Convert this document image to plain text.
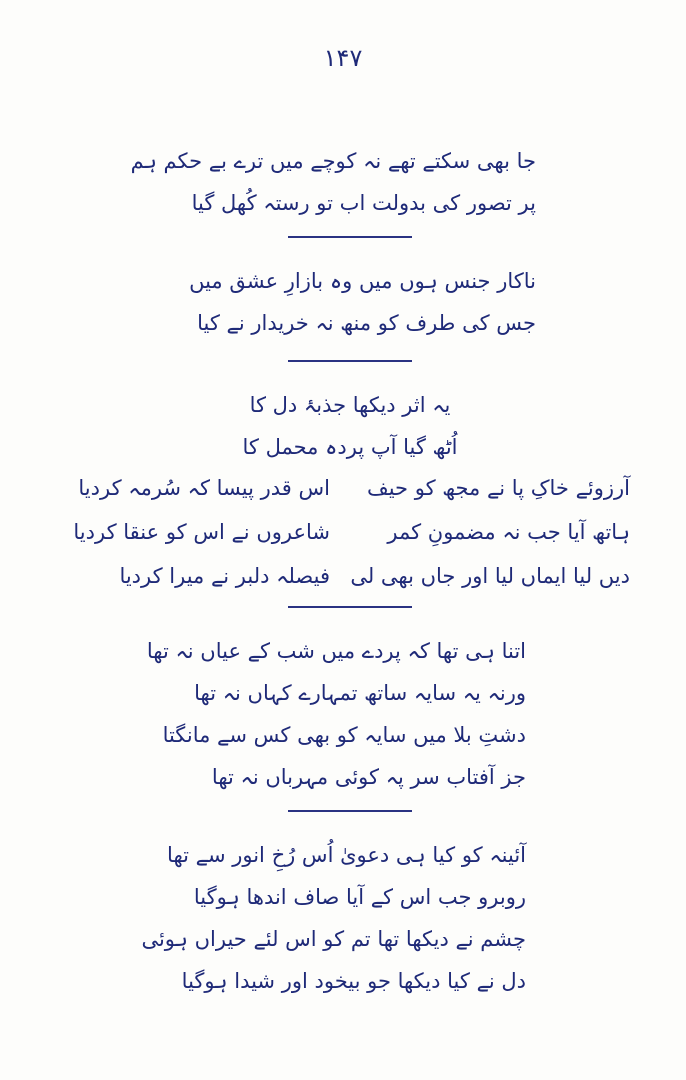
۱۴۷
جا بھی سکتے تھے نہ کوچے میں ترے بے حکم ہم
پر تصور کی بدولت اب تو رستہ کُھل گیا
ناکار جنس ہوں میں وہ بازارِ عشق میں
جس کی طرف کو منھ نہ خریدار نے کیا
یہ اثر دیکھا جذبۂ دل کا
اُٹھ گیا آپ پردہ محمل کا
آرزوئے خاکِ پا نے مجھ کو حیف
اس قدر پیسا کہ سُرمہ کردیا
ہاتھ آیا جب نہ مضمونِ کمر
شاعروں نے اس کو عنقا کردیا
دیں لیا ایماں لیا اور جاں بھی لی
فیصلہ دلبر نے میرا کردیا
اتنا ہی تھا کہ پردے میں شب کے عیاں نہ تھا
ورنہ یہ سایہ ساتھ تمہارے کہاں نہ تھا
دشتِ بلا میں سایہ کو بھی کس سے مانگتا
جز آفتاب سر پہ کوئی مہرباں نہ تھا
آئینہ کو کیا ہی دعویٰ اُس رُخِ انور سے تھا
روبرو جب اس کے آیا صاف اندھا ہوگیا
چشم نے دیکھا تھا تم کو اس لئے حیراں ہوئی
دل نے کیا دیکھا جو بیخود اور شیدا ہوگیا
